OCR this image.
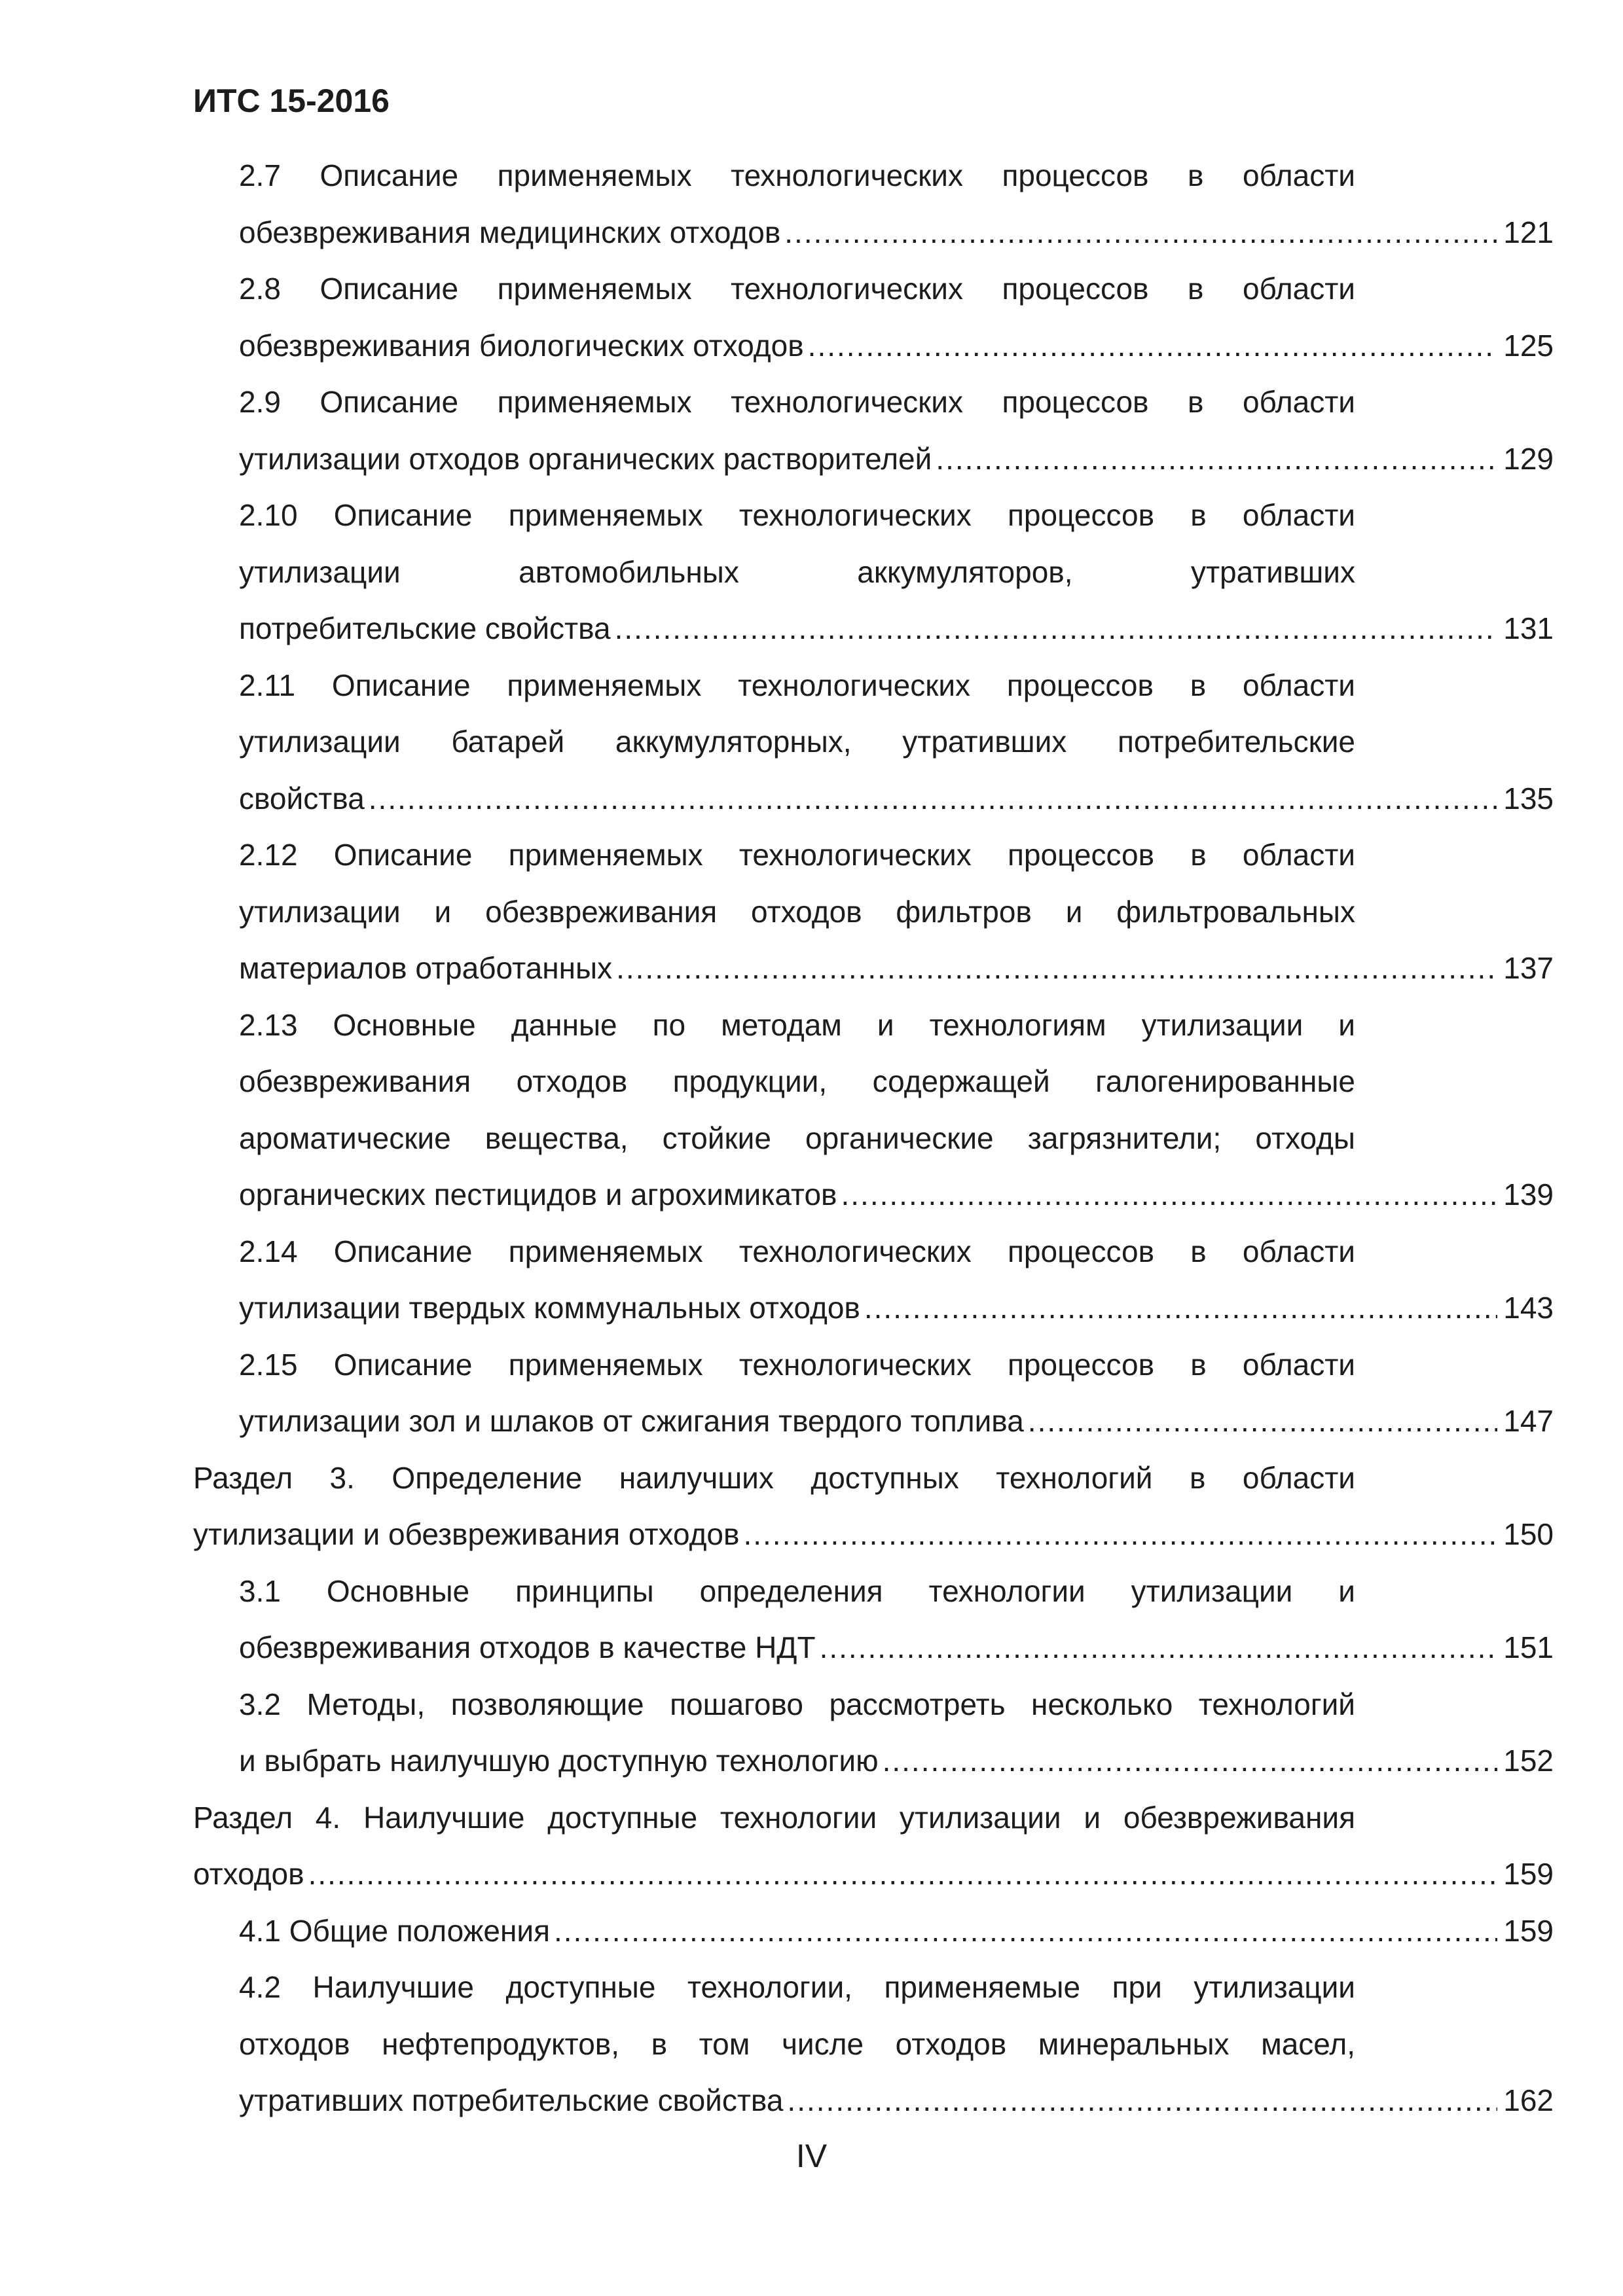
ИТС 15-2016
2.7 Описание применяемых технологических процессов в области
обезвреживания медицинских отходов .....	121
2.8 Описание применяемых технологических процессов в области
обезвреживания биологических отходов .....	125
2.9 Описание применяемых технологических процессов в области
утилизации отходов органических растворителей .....	129
2.10 Описание применяемых технологических процессов в области
утилизации автомобильных аккумуляторов, утративших
потребительские свойства .....	131
2.11 Описание применяемых технологических процессов в области
утилизации батарей аккумуляторных, утративших потребительские
свойства .....	135
2.12 Описание применяемых технологических процессов в области
утилизации и обезвреживания отходов фильтров и фильтровальных
материалов отработанных .....	137
2.13 Основные данные по методам и технологиям утилизации и
обезвреживания отходов продукции, содержащей галогенированные
ароматические вещества, стойкие органические загрязнители; отходы
органических пестицидов и агрохимикатов .....	139
2.14 Описание применяемых технологических процессов в области
утилизации твердых коммунальных отходов .....	143
2.15 Описание применяемых технологических процессов в области
утилизации зол и шлаков от сжигания твердого топлива .....	147
Раздел 3. Определение наилучших доступных технологий в области
утилизации и обезвреживания отходов .....	150
3.1 Основные принципы определения технологии утилизации и
обезвреживания отходов в качестве НДТ .....	151
3.2 Методы, позволяющие пошагово рассмотреть несколько технологий
и выбрать наилучшую доступную технологию .....	152
Раздел 4. Наилучшие доступные технологии утилизации и обезвреживания
отходов .....	159
4.1 Общие положения .....	159
4.2 Наилучшие доступные технологии, применяемые при утилизации
отходов нефтепродуктов, в том числе отходов минеральных масел,
утративших потребительские свойства .....	162
IV
